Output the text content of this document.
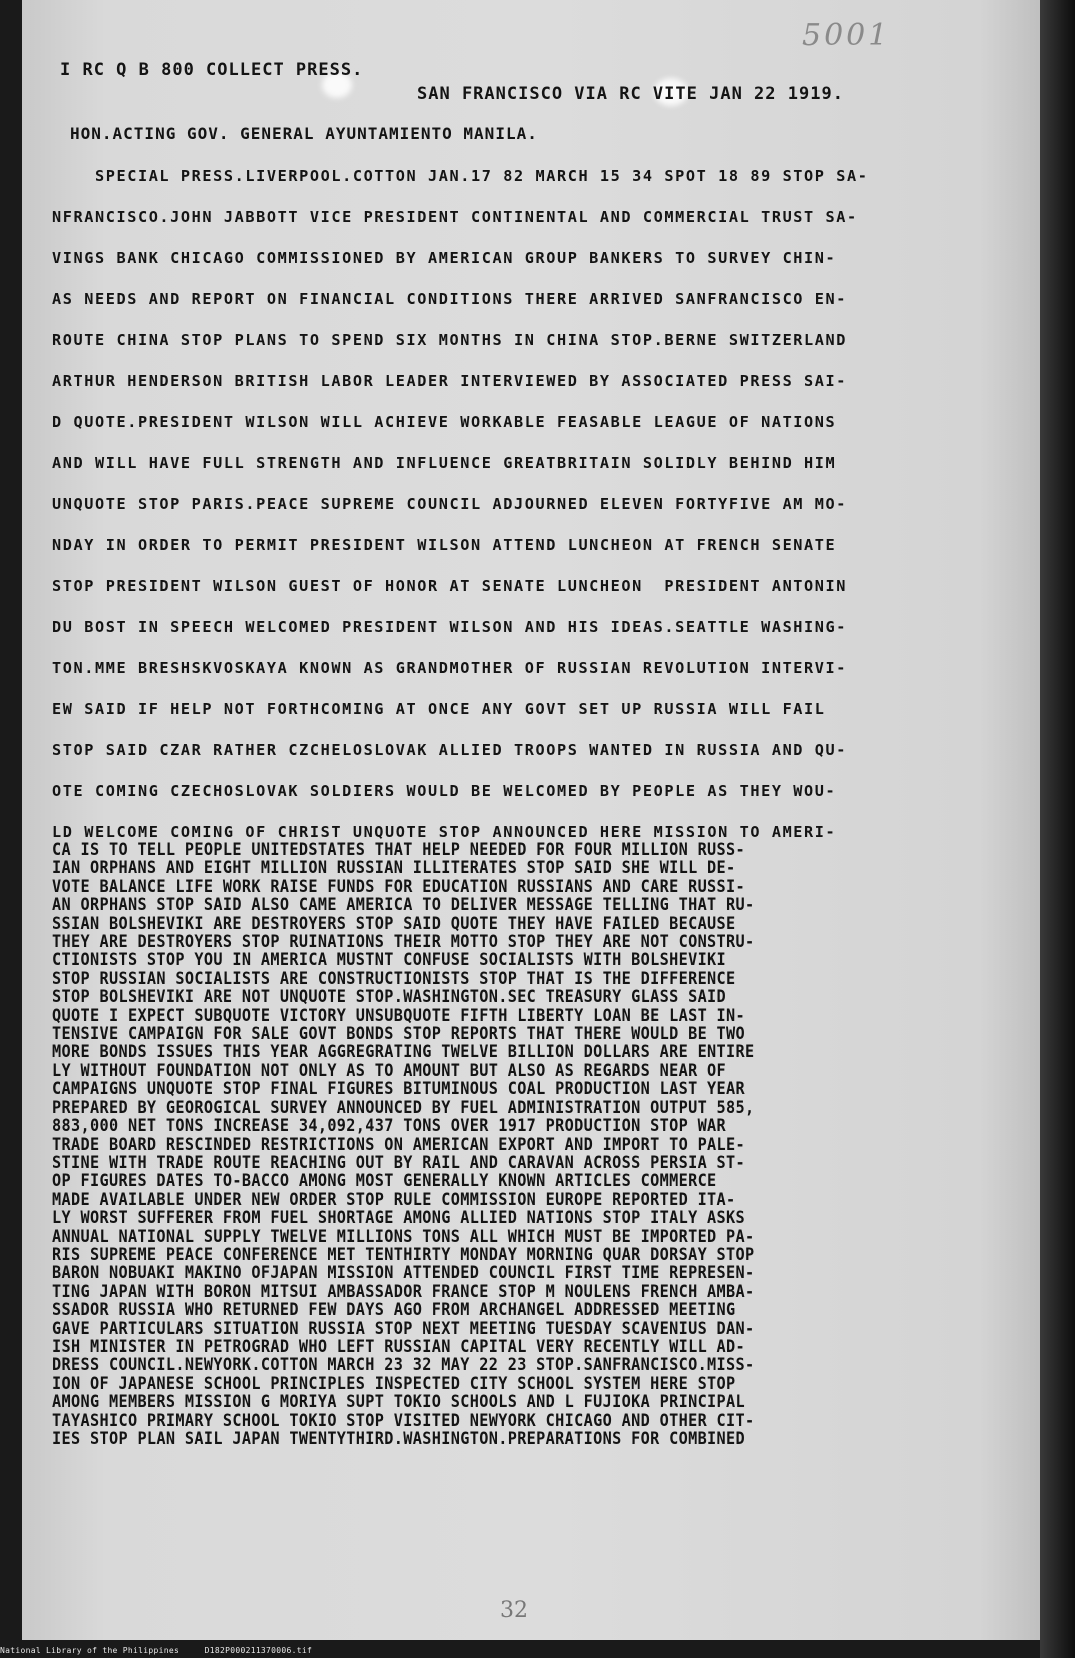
5001
I RC Q B 800 COLLECT PRESS.
SAN FRANCISCO VIA RC VITE JAN 22 1919.
HON.ACTING GOV. GENERAL AYUNTAMIENTO MANILA.
SPECIAL PRESS.LIVERPOOL.COTTON JAN.17 82 MARCH 15 34 SPOT 18 89 STOP SA-
NFRANCISCO.JOHN JABBOTT VICE PRESIDENT CONTINENTAL AND COMMERCIAL TRUST SA-
VINGS BANK CHICAGO COMMISSIONED BY AMERICAN GROUP BANKERS TO SURVEY CHIN-
AS NEEDS AND REPORT ON FINANCIAL CONDITIONS THERE ARRIVED SANFRANCISCO EN-
ROUTE CHINA STOP PLANS TO SPEND SIX MONTHS IN CHINA STOP.BERNE SWITZERLAND
ARTHUR HENDERSON BRITISH LABOR LEADER INTERVIEWED BY ASSOCIATED PRESS SAI-
D QUOTE.PRESIDENT WILSON WILL ACHIEVE WORKABLE FEASABLE LEAGUE OF NATIONS
AND WILL HAVE FULL STRENGTH AND INFLUENCE GREATBRITAIN SOLIDLY BEHIND HIM
UNQUOTE STOP PARIS.PEACE SUPREME COUNCIL ADJOURNED ELEVEN FORTYFIVE AM MO-
NDAY IN ORDER TO PERMIT PRESIDENT WILSON ATTEND LUNCHEON AT FRENCH SENATE
STOP PRESIDENT WILSON GUEST OF HONOR AT SENATE LUNCHEON  PRESIDENT ANTONIN
DU BOST IN SPEECH WELCOMED PRESIDENT WILSON AND HIS IDEAS.SEATTLE WASHING-
TON.MME BRESHSKVOSKAYA KNOWN AS GRANDMOTHER OF RUSSIAN REVOLUTION INTERVI-
EW SAID IF HELP NOT FORTHCOMING AT ONCE ANY GOVT SET UP RUSSIA WILL FAIL
STOP SAID CZAR RATHER CZCHELOSLOVAK ALLIED TROOPS WANTED IN RUSSIA AND QU-
OTE COMING CZECHOSLOVAK SOLDIERS WOULD BE WELCOMED BY PEOPLE AS THEY WOU-
LD WELCOME COMING OF CHRIST UNQUOTE STOP ANNOUNCED HERE MISSION TO AMERI-
CA IS TO TELL PEOPLE UNITEDSTATES THAT HELP NEEDED FOR FOUR MILLION RUSS-
IAN ORPHANS AND EIGHT MILLION RUSSIAN ILLITERATES STOP SAID SHE WILL DE-
VOTE BALANCE LIFE WORK RAISE FUNDS FOR EDUCATION RUSSIANS AND CARE RUSSI-
AN ORPHANS STOP SAID ALSO CAME AMERICA TO DELIVER MESSAGE TELLING THAT RU-
SSIAN BOLSHEVIKI ARE DESTROYERS STOP SAID QUOTE THEY HAVE FAILED BECAUSE
THEY ARE DESTROYERS STOP RUINATIONS THEIR MOTTO STOP THEY ARE NOT CONSTRU-
CTIONISTS STOP YOU IN AMERICA MUSTNT CONFUSE SOCIALISTS WITH BOLSHEVIKI
STOP RUSSIAN SOCIALISTS ARE CONSTRUCTIONISTS STOP THAT IS THE DIFFERENCE
STOP BOLSHEVIKI ARE NOT UNQUOTE STOP.WASHINGTON.SEC TREASURY GLASS SAID
QUOTE I EXPECT SUBQUOTE VICTORY UNSUBQUOTE FIFTH LIBERTY LOAN BE LAST IN-
TENSIVE CAMPAIGN FOR SALE GOVT BONDS STOP REPORTS THAT THERE WOULD BE TWO
MORE BONDS ISSUES THIS YEAR AGGREGRATING TWELVE BILLION DOLLARS ARE ENTIRE
LY WITHOUT FOUNDATION NOT ONLY AS TO AMOUNT BUT ALSO AS REGARDS NEAR OF
CAMPAIGNS UNQUOTE STOP FINAL FIGURES BITUMINOUS COAL PRODUCTION LAST YEAR
PREPARED BY GEOROGICAL SURVEY ANNOUNCED BY FUEL ADMINISTRATION OUTPUT 585,
883,000 NET TONS INCREASE 34,092,437 TONS OVER 1917 PRODUCTION STOP WAR
TRADE BOARD RESCINDED RESTRICTIONS ON AMERICAN EXPORT AND IMPORT TO PALE-
STINE WITH TRADE ROUTE REACHING OUT BY RAIL AND CARAVAN ACROSS PERSIA ST-
OP FIGURES DATES TO-BACCO AMONG MOST GENERALLY KNOWN ARTICLES COMMERCE
MADE AVAILABLE UNDER NEW ORDER STOP RULE COMMISSION EUROPE REPORTED ITA-
LY WORST SUFFERER FROM FUEL SHORTAGE AMONG ALLIED NATIONS STOP ITALY ASKS
ANNUAL NATIONAL SUPPLY TWELVE MILLIONS TONS ALL WHICH MUST BE IMPORTED PA-
RIS SUPREME PEACE CONFERENCE MET TENTHIRTY MONDAY MORNING QUAR DORSAY STOP
BARON NOBUAKI MAKINO OFJAPAN MISSION ATTENDED COUNCIL FIRST TIME REPRESEN-
TING JAPAN WITH BORON MITSUI AMBASSADOR FRANCE STOP M NOULENS FRENCH AMBA-
SSADOR RUSSIA WHO RETURNED FEW DAYS AGO FROM ARCHANGEL ADDRESSED MEETING
GAVE PARTICULARS SITUATION RUSSIA STOP NEXT MEETING TUESDAY SCAVENIUS DAN-
ISH MINISTER IN PETROGRAD WHO LEFT RUSSIAN CAPITAL VERY RECENTLY WILL AD-
DRESS COUNCIL.NEWYORK.COTTON MARCH 23 32 MAY 22 23 STOP.SANFRANCISCO.MISS-
ION OF JAPANESE SCHOOL PRINCIPLES INSPECTED CITY SCHOOL SYSTEM HERE STOP
AMONG MEMBERS MISSION G MORIYA SUPT TOKIO SCHOOLS AND L FUJIOKA PRINCIPAL
TAYASHICO PRIMARY SCHOOL TOKIO STOP VISITED NEWYORK CHICAGO AND OTHER CIT-
IES STOP PLAN SAIL JAPAN TWENTYTHIRD.WASHINGTON.PREPARATIONS FOR COMBINED
32
National Library of the Philippines     D182P000211370006.tif
